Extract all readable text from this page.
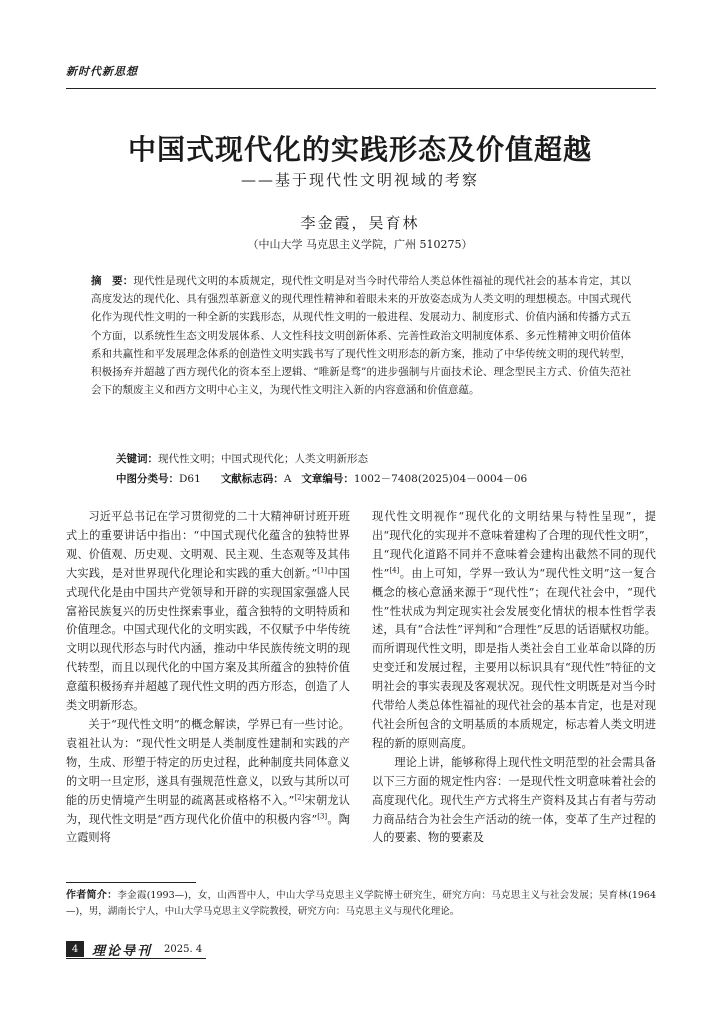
新时代新思想
中国式现代化的实践形态及价值超越
——基于现代性文明视域的考察
李金霞，吴育林
（中山大学 马克思主义学院，广州 510275）

摘　要：现代性是现代文明的本质规定，现代性文明是对当今时代带给人类总体性福祉的现代社会的基本肯定，其以高度发达的现代化、具有强烈革新意义的现代理性精神和着眼未来的开放姿态成为人类文明的理想模态。中国式现代化作为现代性文明的一种全新的实践形态，从现代性文明的一般进程、发展动力、制度形式、价值内涵和传播方式五个方面，以系统性生态文明发展体系、人文性科技文明创新体系、完善性政治文明制度体系、多元性精神文明价值体系和共赢性和平发展理念体系的创造性文明实践书写了现代性文明形态的新方案，推动了中华传统文明的现代转型，积极扬弃并超越了西方现代化的资本至上逻辑、“唯新是骛”的进步强制与片面技术论、理念型民主方式、价值失范社会下的颓废主义和西方文明中心主义，为现代性文明注入新的内容意涵和价值意蕴。

关键词：现代性文明；中国式现代化；人类文明新形态
中图分类号：D61 文献标志码：A 文章编号：1002－7408(2025)04－0004－06

习近平总书记在学习贯彻党的二十大精神研讨班开班式上的重要讲话中指出：“中国式现代化蕴含的独特世界观、价值观、历史观、文明观、民主观、生态观等及其伟大实践，是对世界现代化理论和实践的重大创新。”[1]中国式现代化是由中国共产党领导和开辟的实现国家强盛人民富裕民族复兴的历史性探索事业，蕴含独特的文明特质和价值理念。中国式现代化的文明实践，不仅赋予中华传统文明以现代形态与时代内涵，推动中华民族传统文明的现代转型，而且以现代化的中国方案及其所蕴含的独特价值意蕴积极扬弃并超越了现代性文明的西方形态，创造了人类文明新形态。

关于“现代性文明”的概念解读，学界已有一些讨论。袁祖社认为：“现代性文明是人类制度性建制和实践的产物，生成、形塑于特定的历史过程，此种制度共同体意义的文明一旦定形，遂具有强规范性意义，以致与其所以可能的历史情境产生明显的疏离甚或格格不入。”[2]宋朝龙认为，现代性文明是“西方现代化价值中的积极内容”[3]。陶立霞则将

现代性文明视作“现代化的文明结果与特性呈现”，提出“现代化的实现并不意味着建构了合理的现代性文明”，且“现代化道路不同并不意味着会建构出截然不同的现代性”[4]。由上可知，学界一致认为“现代性文明”这一复合概念的核心意涵来源于“现代性”；在现代社会中，“现代性”性状成为判定现实社会发展变化情状的根本性哲学表述，具有“合法性”评判和“合理性”反思的话语赋权功能。而所谓现代性文明，即是指人类社会自工业革命以降的历史变迁和发展过程，主要用以标识具有“现代性”特征的文明社会的事实表现及客观状况。现代性文明既是对当今时代带给人类总体性福祉的现代社会的基本肯定，也是对现代社会所包含的文明基质的本质规定，标志着人类文明进程的新的原则高度。

理论上讲，能够称得上现代性文明范型的社会需具备以下三方面的规定性内容：一是现代性文明意味着社会的高度现代化。现代生产方式将生产资料及其占有者与劳动力商品结合为社会生产活动的统一体，变革了生产过程的人的要素、物的要素及

作者简介：李金霞(1993—)，女，山西晋中人，中山大学马克思主义学院博士研究生，研究方向：马克思主义与社会发展；吴育林(1964—)，男，湖南长宁人，中山大学马克思主义学院教授，研究方向：马克思主义与现代化理论。

4	理论导刊 2025. 4
